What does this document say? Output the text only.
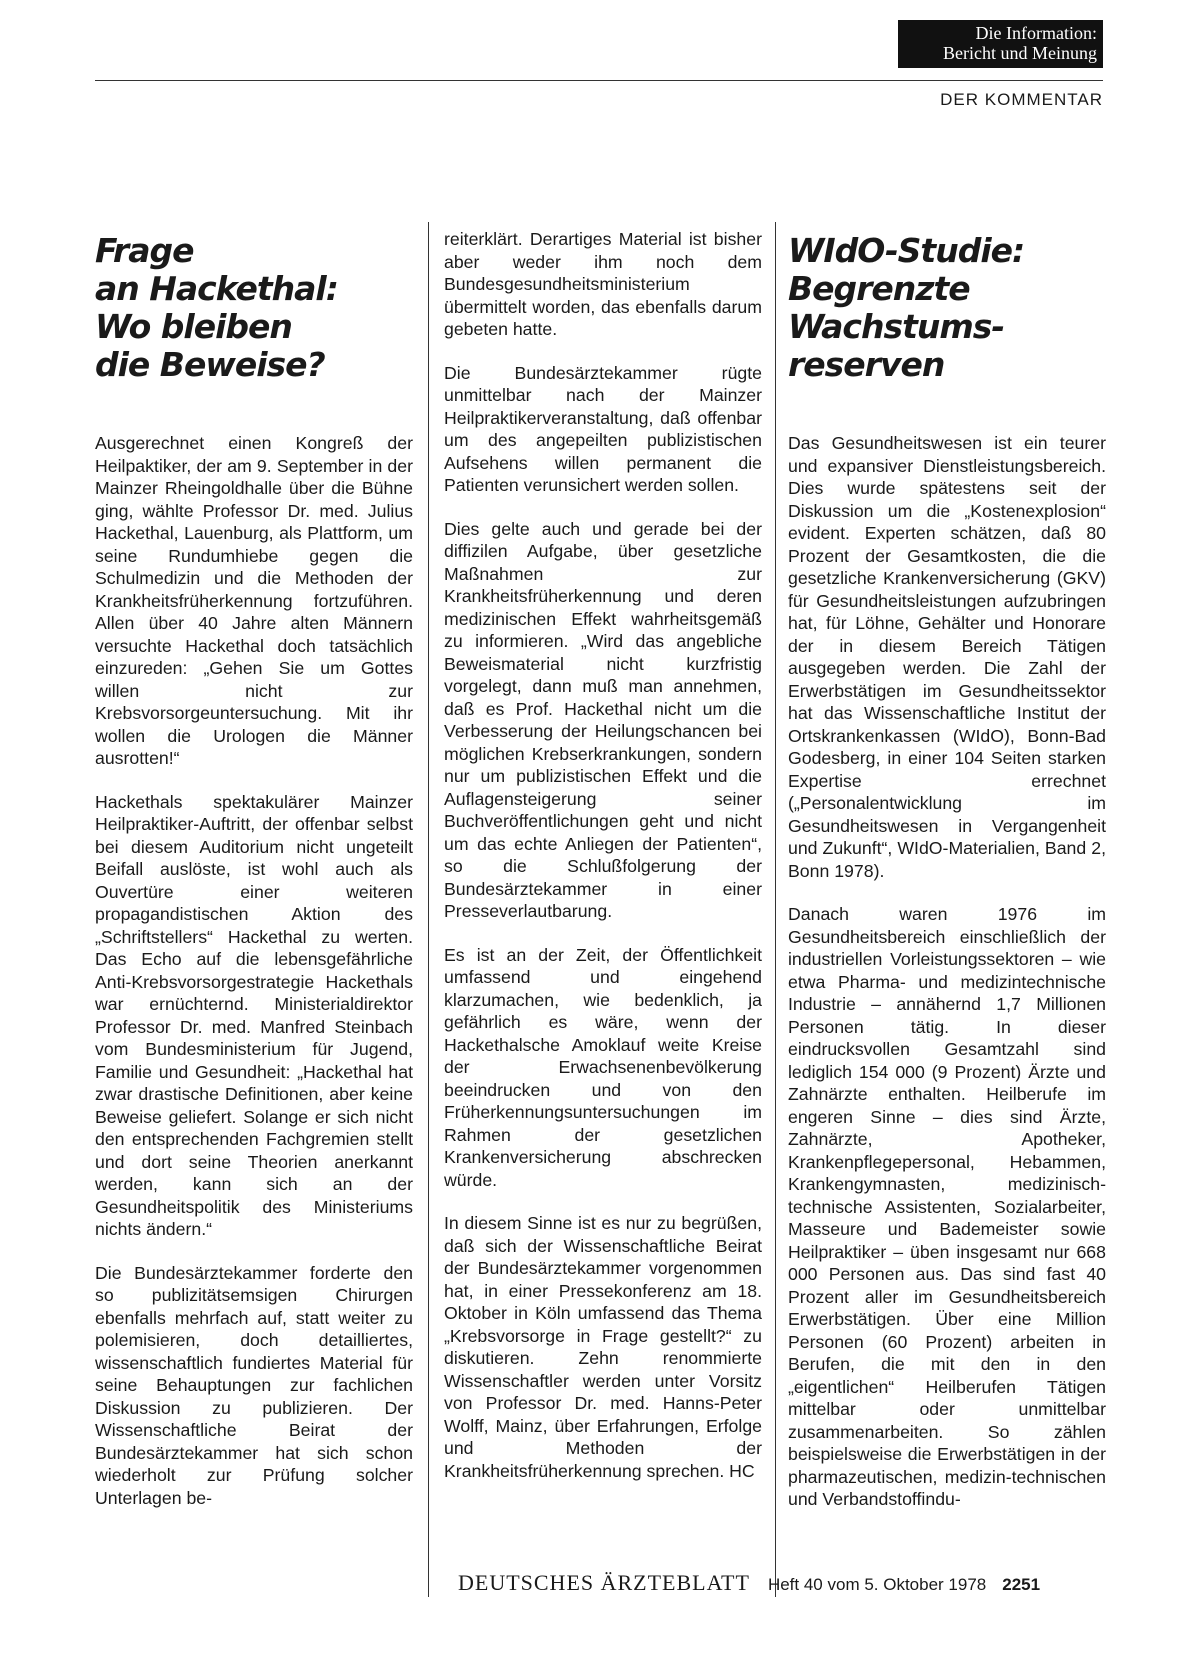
Die Information:
Bericht und Meinung
DER KOMMENTAR
Frage
an Hackethal:
Wo bleiben
die Beweise?

Ausgerechnet einen Kongreß der Heilpaktiker, der am 9. September in der Mainzer Rheingoldhalle über die Bühne ging, wählte Professor Dr. med. Julius Hackethal, Lauenburg, als Plattform, um seine Rundumhiebe gegen die Schulmedizin und die Methoden der Krankheitsfrüherkennung fortzuführen. Allen über 40 Jahre alten Männern versuchte Hackethal doch tatsächlich einzureden: „Gehen Sie um Gottes willen nicht zur Krebsvorsorgeuntersuchung. Mit ihr wollen die Urologen die Männer ausrotten!“

Hackethals spektakulärer Mainzer Heilpraktiker-Auftritt, der offenbar selbst bei diesem Auditorium nicht ungeteilt Beifall auslöste, ist wohl auch als Ouvertüre einer weiteren propagandistischen Aktion des „Schriftstellers“ Hackethal zu werten. Das Echo auf die lebensgefährliche Anti-Krebsvorsorgestrategie Hackethals war ernüchternd. Ministerialdirektor Professor Dr. med. Manfred Steinbach vom Bundesministerium für Jugend, Familie und Gesundheit: „Hackethal hat zwar drastische Definitionen, aber keine Beweise geliefert. Solange er sich nicht den entsprechenden Fachgremien stellt und dort seine Theorien anerkannt werden, kann sich an der Gesundheitspolitik des Ministeriums nichts ändern.“

Die Bundesärztekammer forderte den so publizitätsemsigen Chirurgen ebenfalls mehrfach auf, statt weiter zu polemisieren, doch detailliertes, wissenschaftlich fundiertes Material für seine Behauptungen zur fachlichen Diskussion zu publizieren. Der Wissenschaftliche Beirat der Bundesärztekammer hat sich schon wiederholt zur Prüfung solcher Unterlagen be-

reiterklärt. Derartiges Material ist bisher aber weder ihm noch dem Bundesgesundheitsministerium übermittelt worden, das ebenfalls darum gebeten hatte.

Die Bundesärztekammer rügte unmittelbar nach der Mainzer Heilpraktikerveranstaltung, daß offenbar um des angepeilten publizistischen Aufsehens willen permanent die Patienten verunsichert werden sollen.

Dies gelte auch und gerade bei der diffizilen Aufgabe, über gesetzliche Maßnahmen zur Krankheitsfrüherkennung und deren medizinischen Effekt wahrheitsgemäß zu informieren. „Wird das angebliche Beweismaterial nicht kurzfristig vorgelegt, dann muß man annehmen, daß es Prof. Hackethal nicht um die Verbesserung der Heilungschancen bei möglichen Krebserkrankungen, sondern nur um publizistischen Effekt und die Auflagensteigerung seiner Buchveröffentlichungen geht und nicht um das echte Anliegen der Patienten“, so die Schlußfolgerung der Bundesärztekammer in einer Presseverlautbarung.

Es ist an der Zeit, der Öffentlichkeit umfassend und eingehend klarzumachen, wie bedenklich, ja gefährlich es wäre, wenn der Hackethalsche Amoklauf weite Kreise der Erwachsenenbevölkerung beeindrucken und von den Früherkennungsuntersuchungen im Rahmen der gesetzlichen Krankenversicherung abschrecken würde.

In diesem Sinne ist es nur zu begrüßen, daß sich der Wissenschaftliche Beirat der Bundesärztekammer vorgenommen hat, in einer Pressekonferenz am 18. Oktober in Köln umfassend das Thema „Krebsvorsorge in Frage gestellt?“ zu diskutieren. Zehn renommierte Wissenschaftler werden unter Vorsitz von Professor Dr. med. Hanns-Peter Wolff, Mainz, über Erfahrungen, Erfolge und Methoden der Krankheitsfrüherkennung sprechen. HC

WIdO-Studie:
Begrenzte
Wachstums-
reserven

Das Gesundheitswesen ist ein teurer und expansiver Dienstleistungsbereich. Dies wurde spätestens seit der Diskussion um die „Kostenexplosion“ evident. Experten schätzen, daß 80 Prozent der Gesamtkosten, die die gesetzliche Krankenversicherung (GKV) für Gesundheitsleistungen aufzubringen hat, für Löhne, Gehälter und Honorare der in diesem Bereich Tätigen ausgegeben werden. Die Zahl der Erwerbstätigen im Gesundheitssektor hat das Wissenschaftliche Institut der Ortskrankenkassen (WIdO), Bonn-Bad Godesberg, in einer 104 Seiten starken Expertise errechnet („Personalentwicklung im Gesundheitswesen in Vergangenheit und Zukunft“, WIdO-Materialien, Band 2, Bonn 1978).

Danach waren 1976 im Gesundheitsbereich einschließlich der industriellen Vorleistungssektoren – wie etwa Pharma- und medizintechnische Industrie – annähernd 1,7 Millionen Personen tätig. In dieser eindrucksvollen Gesamtzahl sind lediglich 154 000 (9 Prozent) Ärzte und Zahnärzte enthalten. Heilberufe im engeren Sinne – dies sind Ärzte, Zahnärzte, Apotheker, Krankenpflegepersonal, Hebammen, Krankengymnasten, medizinisch-technische Assistenten, Sozialarbeiter, Masseure und Bademeister sowie Heilpraktiker – üben insgesamt nur 668 000 Personen aus. Das sind fast 40 Prozent aller im Gesundheitsbereich Erwerbstätigen. Über eine Million Personen (60 Prozent) arbeiten in Berufen, die mit den in den „eigentlichen“ Heilberufen Tätigen mittelbar oder unmittelbar zusammenarbeiten. So zählen beispielsweise die Erwerbstätigen in der pharmazeutischen, medizin-technischen und Verbandstoffindu-

DEUTSCHES ÄRZTEBLATT Heft 40 vom 5. Oktober 1978 2251
